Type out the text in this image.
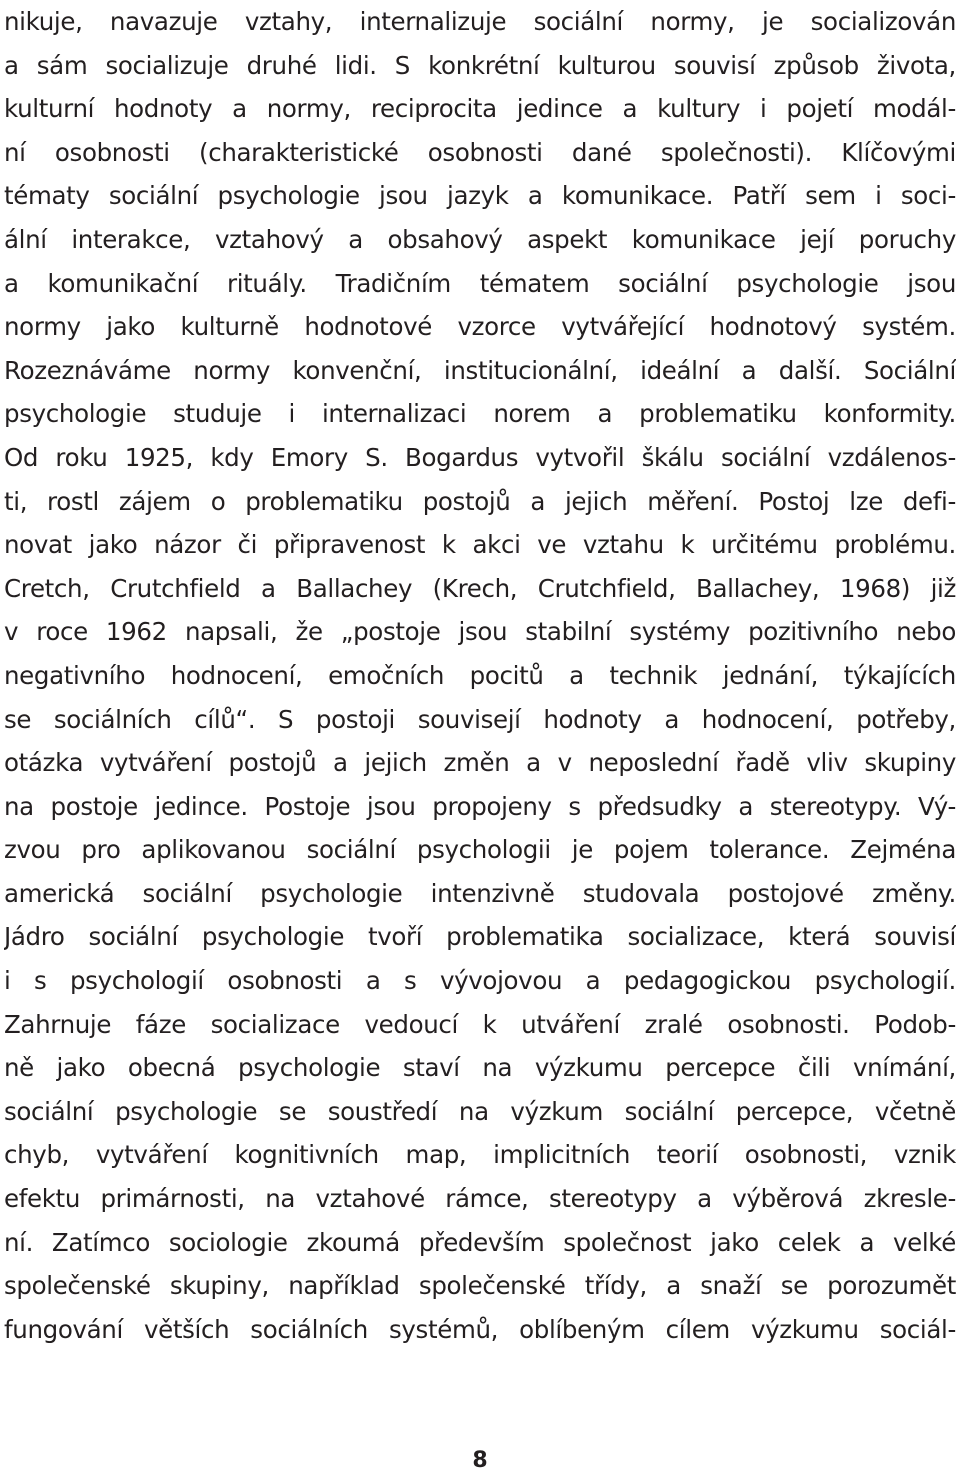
nikuje, navazuje vztahy, internalizuje sociální normy, je socializován
a sám socializuje druhé lidi. S konkrétní kulturou souvisí způsob života,
kulturní hodnoty a normy, reciprocita jedince a kultury i pojetí modál-
ní osobnosti (charakteristické osobnosti dané společnosti). Klíčovými
tématy sociální psychologie jsou jazyk a komunikace. Patří sem i soci-
ální interakce, vztahový a obsahový aspekt komunikace její poruchy
a komunikační rituály. Tradičním tématem sociální psychologie jsou
normy jako kulturně hodnotové vzorce vytvářející hodnotový systém.
Rozeznáváme normy konvenční, institucionální, ideální a další. Sociální
psychologie studuje i internalizaci norem a problematiku konformity.
Od roku 1925, kdy Emory S. Bogardus vytvořil škálu sociální vzdálenos-
ti, rostl zájem o problematiku postojů a jejich měření. Postoj lze defi-
novat jako názor či připravenost k akci ve vztahu k určitému problému.
Cretch, Crutchfield a Ballachey (Krech, Crutchfield, Ballachey, 1968) již
v roce 1962 napsali, že „postoje jsou stabilní systémy pozitivního nebo
negativního hodnocení, emočních pocitů a technik jednání, týkajících
se sociálních cílů“. S postoji souvisejí hodnoty a hodnocení, potřeby,
otázka vytváření postojů a jejich změn a v neposlední řadě vliv skupiny
na postoje jedince. Postoje jsou propojeny s předsudky a stereotypy. Vý-
zvou pro aplikovanou sociální psychologii je pojem tolerance. Zejména
americká sociální psychologie intenzivně studovala postojové změny.
Jádro sociální psychologie tvoří problematika socializace, která souvisí
i s psychologií osobnosti a s vývojovou a pedagogickou psychologií.
Zahrnuje fáze socializace vedoucí k utváření zralé osobnosti. Podob-
ně jako obecná psychologie staví na výzkumu percepce čili vnímání,
sociální psychologie se soustředí na výzkum sociální percepce, včetně
chyb, vytváření kognitivních map, implicitních teorií osobnosti, vznik
efektu primárnosti, na vztahové rámce, stereotypy a výběrová zkresle-
ní. Zatímco sociologie zkoumá především společnost jako celek a velké
společenské skupiny, například společenské třídy, a snaží se porozumět
fungování větších sociálních systémů, oblíbeným cílem výzkumu sociál-
8
